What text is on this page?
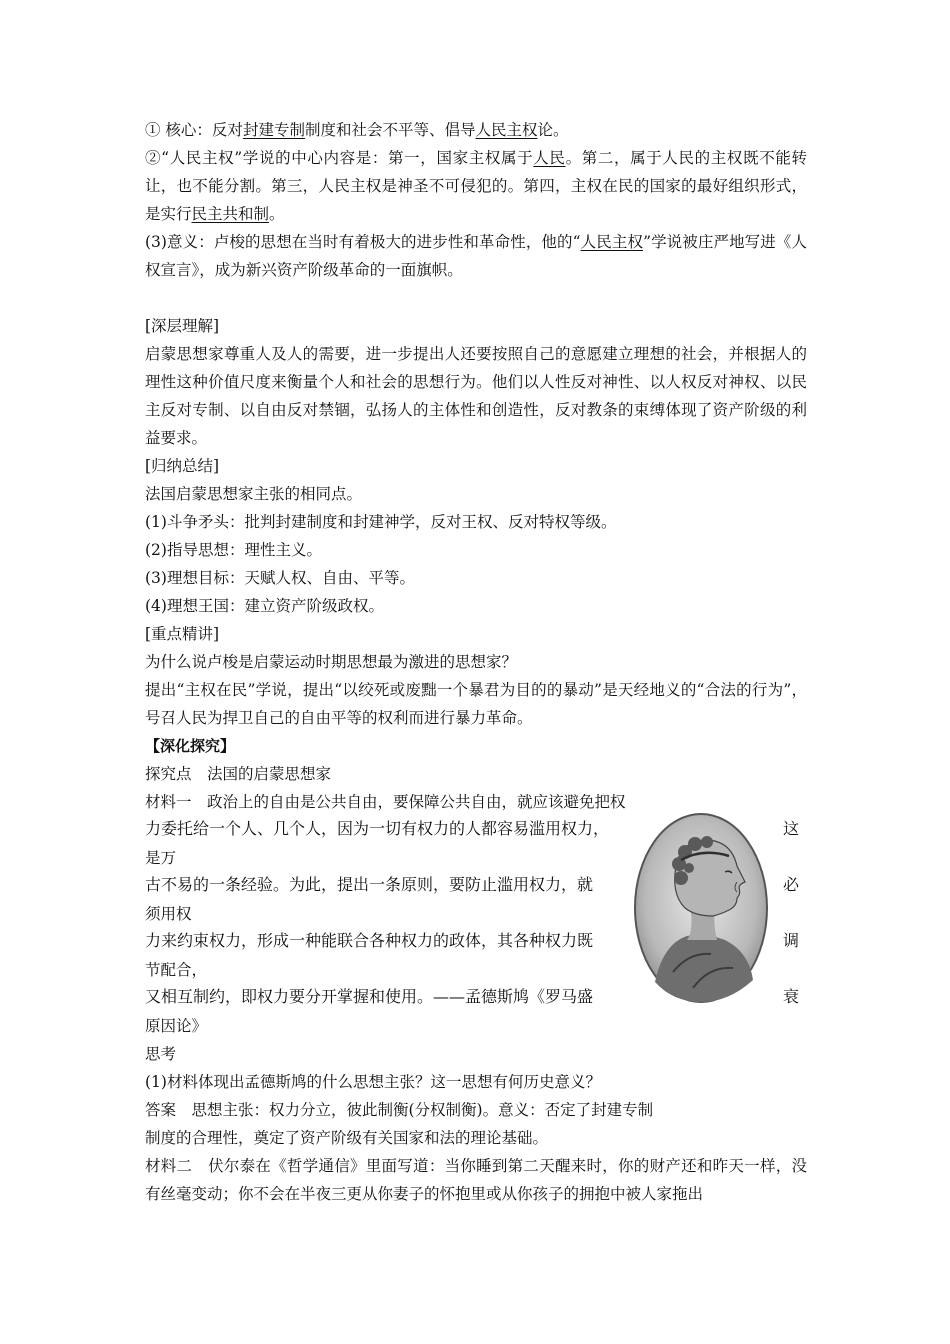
① 核心：反对封建专制制度和社会不平等、倡导人民主权论。
②“人民主权”学说的中心内容是：第一，国家主权属于人民。第二，属于人民的主权既不能转让，也不能分割。第三，人民主权是神圣不可侵犯的。第四，主权在民的国家的最好组织形式，是实行民主共和制。
(3)意义：卢梭的思想在当时有着极大的进步性和革命性，他的“人民主权”学说被庄严地写进《人权宣言》，成为新兴资产阶级革命的一面旗帜。
[深层理解]
启蒙思想家尊重人及人的需要，进一步提出人还要按照自己的意愿建立理想的社会，并根据人的理性这种价值尺度来衡量个人和社会的思想行为。他们以人性反对神性、以人权反对神权、以民主反对专制、以自由反对禁锢，弘扬人的主体性和创造性，反对教条的束缚体现了资产阶级的利益要求。
[归纳总结]
法国启蒙思想家主张的相同点。
(1)斗争矛头：批判封建制度和封建神学，反对王权、反对特权等级。
(2)指导思想：理性主义。
(3)理想目标：天赋人权、自由、平等。
(4)理想王国：建立资产阶级政权。
[重点精讲]
为什么说卢梭是启蒙运动时期思想最为激进的思想家？
提出“主权在民”学说，提出“以绞死或废黜一个暴君为目的的暴动”是天经地义的“合法的行为”，号召人民为捍卫自己的自由平等的权利而进行暴力革命。
【深化探究】
探究点　法国的启蒙思想家
材料一　政治上的自由是公共自由，要保障公共自由，就应该避免把权
力委托给一个人、几个人，因为一切有权力的人都容易滥用权力，	这
是万
古不易的一条经验。为此，提出一条原则，要防止滥用权力，就	必
须用权
力来约束权力，形成一种能联合各种权力的政体，其各种权力既	调
节配合，
又相互制约，即权力要分开掌握和使用。——孟德斯鸠《罗马盛	衰
原因论》
思考
(1)材料体现出孟德斯鸠的什么思想主张？这一思想有何历史意义？
答案　思想主张：权力分立，彼此制衡(分权制衡)。意义：否定了封建专制
制度的合理性，奠定了资产阶级有关国家和法的理论基础。
材料二　伏尔泰在《哲学通信》里面写道：当你睡到第二天醒来时，你的财产还和昨天一样，没有丝毫变动；你不会在半夜三更从你妻子的怀抱里或从你孩子的拥抱中被人家拖出
